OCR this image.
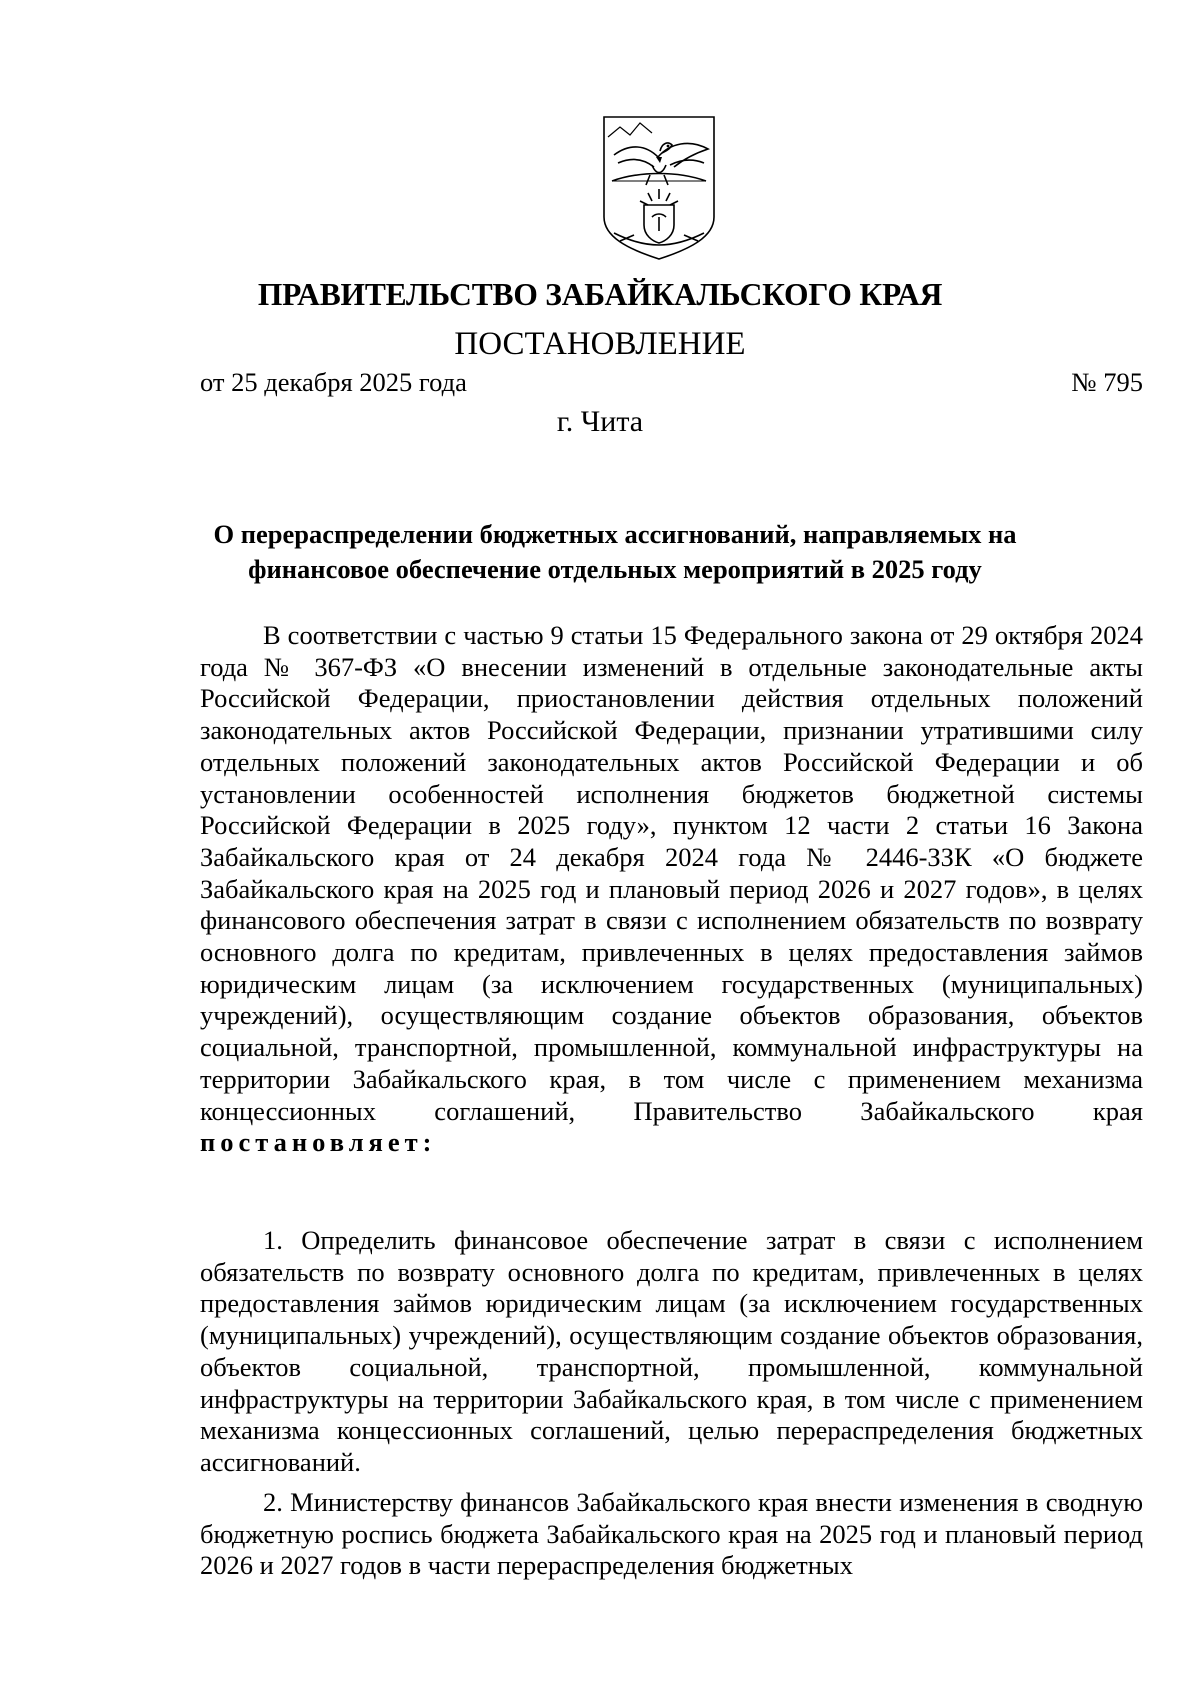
ПРАВИТЕЛЬСТВО ЗАБАЙКАЛЬСКОГО КРАЯ
ПОСТАНОВЛЕНИЕ
от 25 декабря 2025 года	№ 795
г. Чита
О перераспределении бюджетных ассигнований, направляемых на финансовое обеспечение отдельных мероприятий в 2025 году

В соответствии с частью 9 статьи 15 Федерального закона от 29 октября 2024 года № 367-ФЗ «О внесении изменений в отдельные законодательные акты Российской Федерации, приостановлении действия отдельных положений законодательных актов Российской Федерации, признании утратившими силу отдельных положений законодательных актов Российской Федерации и об установлении особенностей исполнения бюджетов бюджетной системы Российской Федерации в 2025 году», пунктом 12 части 2 статьи 16 Закона Забайкальского края от 24 декабря 2024 года № 2446-ЗЗК «О бюджете Забайкальского края на 2025 год и плановый период 2026 и 2027 годов», в целях финансового обеспечения затрат в связи с исполнением обязательств по возврату основного долга по кредитам, привлеченных в целях предоставления займов юридическим лицам (за исключением государственных (муниципальных) учреждений), осуществляющим создание объектов образования, объектов социальной, транспортной, промышленной, коммунальной инфраструктуры на территории Забайкальского края, в том числе с применением механизма концессионных соглашений, Правительство Забайкальского края постановляет:

1. Определить финансовое обеспечение затрат в связи с исполнением обязательств по возврату основного долга по кредитам, привлеченных в целях предоставления займов юридическим лицам (за исключением государственных (муниципальных) учреждений), осуществляющим создание объектов образования, объектов социальной, транспортной, промышленной, коммунальной инфраструктуры на территории Забайкальского края, в том числе с применением механизма концессионных соглашений, целью перераспределения бюджетных ассигнований.

2. Министерству финансов Забайкальского края внести изменения в сводную бюджетную роспись бюджета Забайкальского края на 2025 год и плановый период 2026 и 2027 годов в части перераспределения бюджетных
